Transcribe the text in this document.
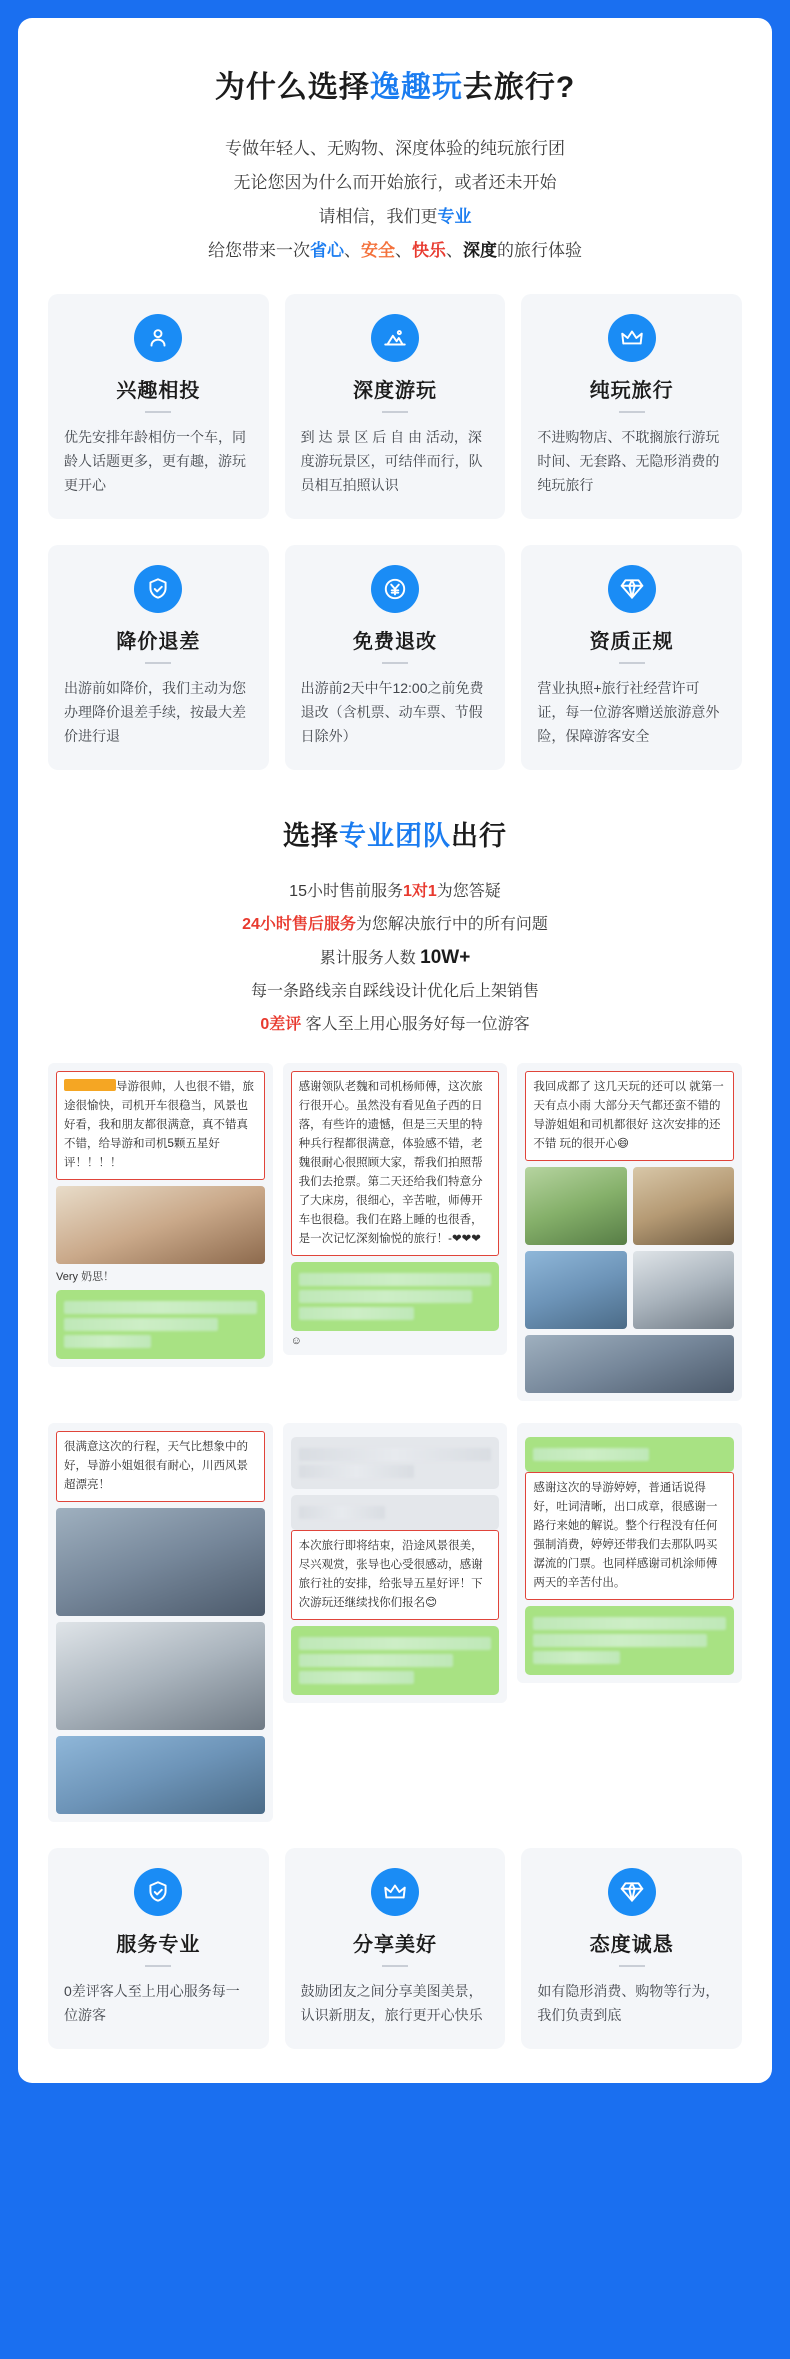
为什么选择逸趣玩去旅行?
专做年轻人、无购物、深度体验的纯玩旅行团
无论您因为什么而开始旅行，或者还未开始
请相信，我们更专业
给您带来一次省心、安全、快乐、深度的旅行体验
兴趣相投

优先安排年龄相仿一个车，同龄人话题更多，更有趣，游玩更开心

深度游玩

到 达 景 区 后 自 由 活动，深度游玩景区，可结伴而行，队员相互拍照认识

纯玩旅行

不进购物店、不耽搁旅行游玩时间、无套路、无隐形消费的纯玩旅行

降价退差

出游前如降价，我们主动为您办理降价退差手续，按最大差价进行退

免费退改

出游前2天中午12:00之前免费退改（含机票、动车票、节假日除外）

资质正规

营业执照+旅行社经营许可证，每一位游客赠送旅游意外险，保障游客安全

选择专业团队出行
15小时售前服务1对1为您答疑
24小时售后服务为您解决旅行中的所有问题
累计服务人数 10W+
每一条路线亲自踩线设计优化后上架销售
0差评 客人至上用心服务好每一位游客
导游很帅，人也很不错，旅途很愉快，司机开车很稳当，风景也好看，我和朋友都很满意，真不错真不错，给导游和司机5颗五星好评！！！！
Very 奶思！
感谢领队老魏和司机杨师傅，这次旅行很开心。虽然没有看见鱼子西的日落，有些许的遗憾，但是三天里的特种兵行程都很满意，体验感不错，老魏很耐心很照顾大家，帮我们拍照帮我们去抢票。第二天还给我们特意分了大床房，很细心，辛苦啦，师傅开车也很稳。我们在路上睡的也很香，是一次记忆深刻愉悦的旅行！-❤❤❤
☺
我回成都了 这几天玩的还可以 就第一天有点小雨 大部分天气都还蛮不错的 导游姐姐和司机都很好 这次安排的还不错 玩的很开心😄
很满意这次的行程，天气比想象中的好，导游小姐姐很有耐心，川西风景超漂亮！
本次旅行即将结束，沿途风景很美，尽兴观赏，张导也心受很感动，感谢旅行社的安排，给张导五星好评！下次游玩还继续找你们报名😊
感谢这次的导游婷婷，普通话说得好，吐词清晰，出口成章，很感谢一路行来她的解说。整个行程没有任何强制消费，婷婷还带我们去那队吗买潺流的门票。也同样感谢司机涂师傅两天的辛苦付出。
服务专业

0差评客人至上用心服务每一位游客

分享美好

鼓励团友之间分享美图美景，认识新朋友，旅行更开心快乐

态度诚恳

如有隐形消费、购物等行为，我们负责到底
